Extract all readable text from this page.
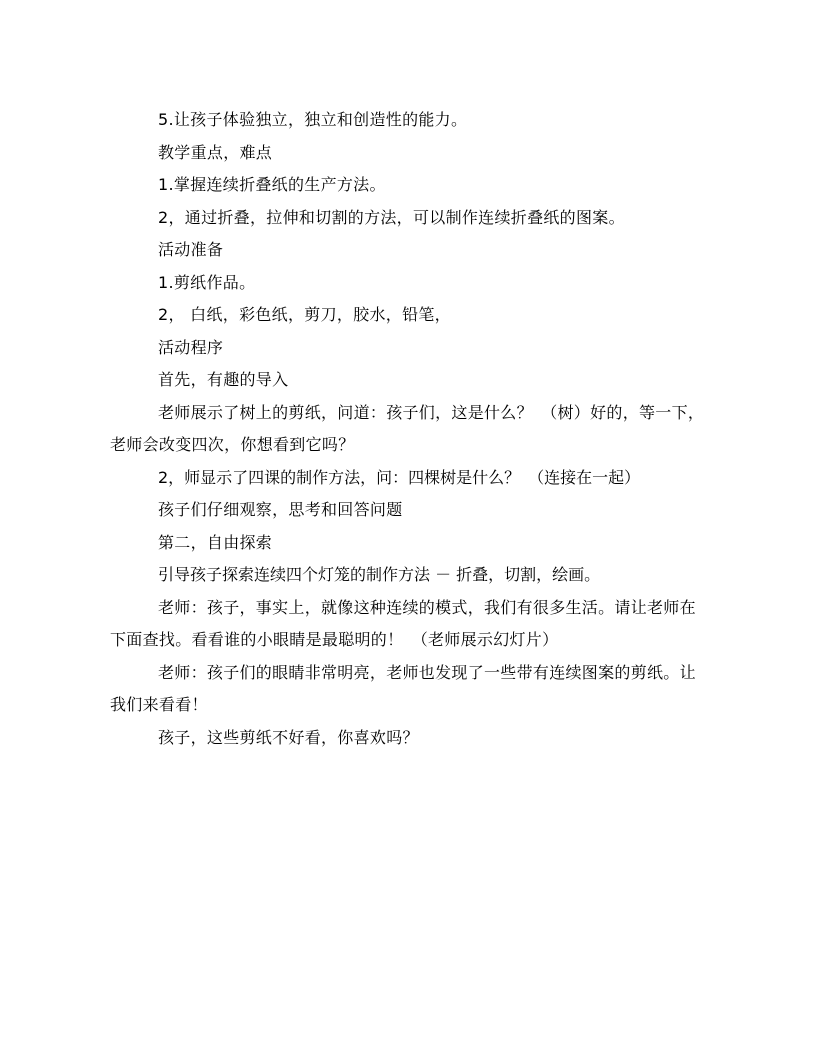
5.让孩子体验独立，独立和创造性的能力。

教学重点，难点

1.掌握连续折叠纸的生产方法。

2，通过折叠，拉伸和切割的方法，可以制作连续折叠纸的图案。

活动准备

1.剪纸作品。

2， 白纸，彩色纸，剪刀，胶水，铅笔，

活动程序

首先，有趣的导入

老师展示了树上的剪纸，问道：孩子们，这是什么？　（树）好的，等一下，老师会改变四次，你想看到它吗？

2，师显示了四课的制作方法，问：四棵树是什么？　（连接在一起）

孩子们仔细观察，思考和回答问题

第二，自由探索

引导孩子探索连续四个灯笼的制作方法 － 折叠，切割，绘画。

老师：孩子，事实上，就像这种连续的模式，我们有很多生活。请让老师在下面查找。看看谁的小眼睛是最聪明的！　（老师展示幻灯片）

老师：孩子们的眼睛非常明亮，老师也发现了一些带有连续图案的剪纸。让我们来看看！

孩子，这些剪纸不好看，你喜欢吗？
